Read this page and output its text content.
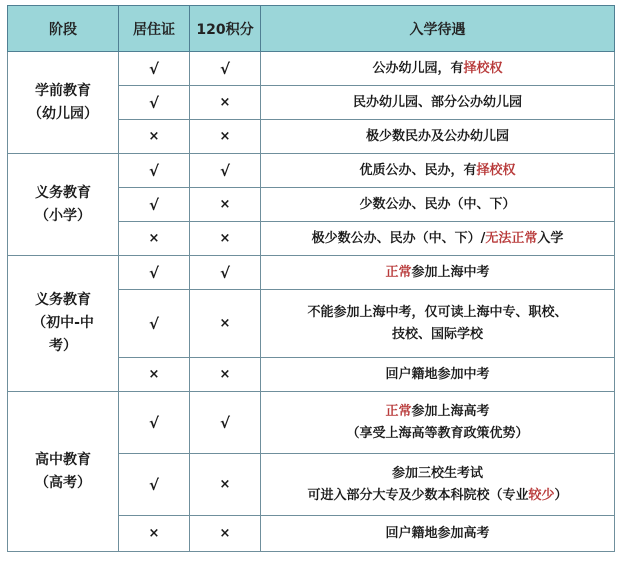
阶段	居住证	120积分	入学待遇
学前教育
（幼儿园）	√	√	公办幼儿园，有择校权
	√	×	民办幼儿园、部分公办幼儿园
	×	×	极少数民办及公办幼儿园
义务教育
（小学）	√	√	优质公办、民办，有择校权
	√	×	少数公办、民办（中、下）
	×	×	极少数公办、民办（中、下）/无法正常入学
义务教育
（初中-中
考）	√	√	正常参加上海中考
	√	×	不能参加上海中考，仅可读上海中专、职校、
技校、国际学校
	×	×	回户籍地参加中考
高中教育
（高考）	√	√	正常参加上海高考
（享受上海高等教育政策优势）
	√	×	参加三校生考试
可进入部分大专及少数本科院校（专业较少）
	×	×	回户籍地参加高考
